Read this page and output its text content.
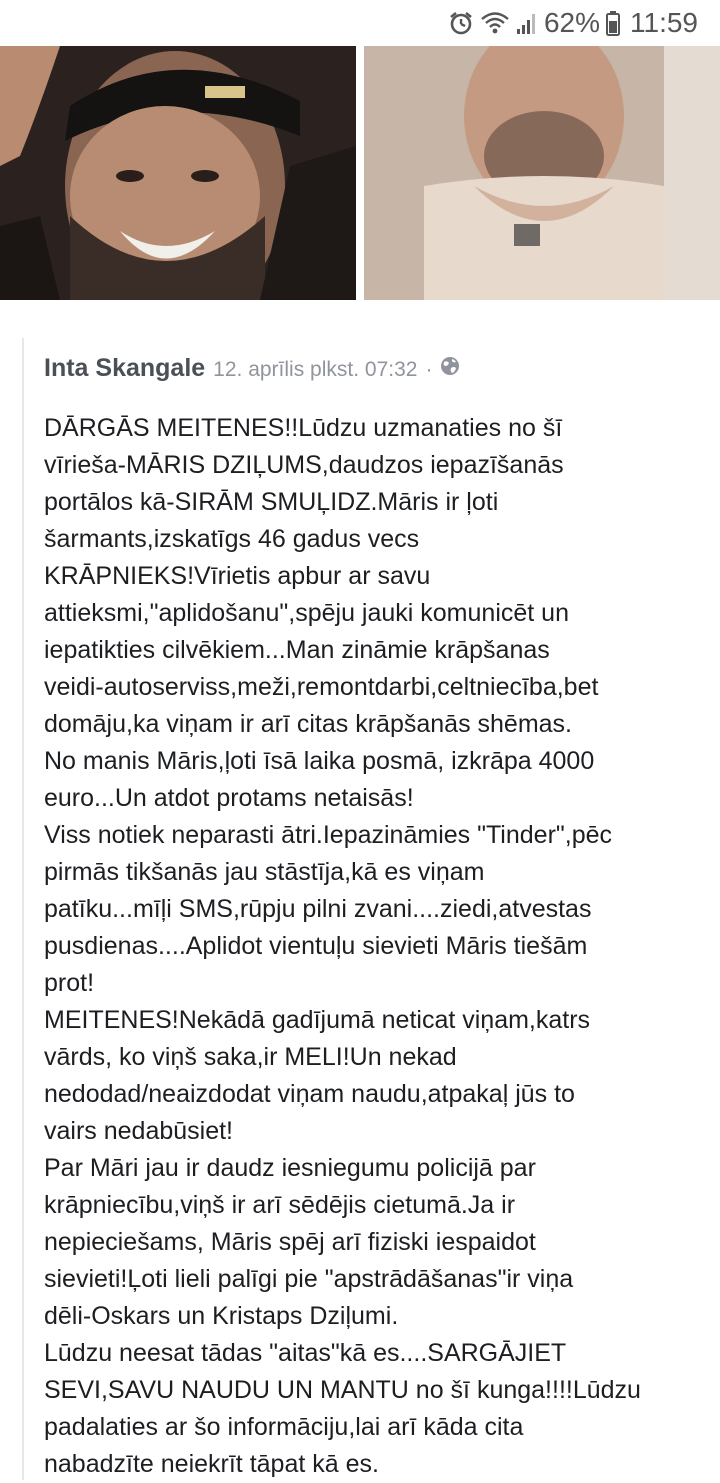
62% 11:59
Inta Skangale 12. aprīlis plkst. 07:32 ·
DĀRGĀS MEITENES!!Lūdzu uzmanaties no šī
vīrieša-MĀRIS DZIĻUMS,daudzos iepazīšanās
portālos kā-SIRĀM SMUĻIDZ.Māris ir ļoti
šarmants,izskatīgs 46 gadus vecs
KRĀPNIEKS!Vīrietis apbur ar savu
attieksmi,"aplidošanu",spēju jauki komunicēt un
iepatikties cilvēkiem...Man zināmie krāpšanas
veidi-autoserviss,meži,remontdarbi,celtniecība,bet
domāju,ka viņam ir arī citas krāpšanās shēmas.
No manis Māris,ļoti īsā laika posmā, izkrāpa 4000
euro...Un atdot protams netaisās!
Viss notiek neparasti ātri.Iepazināmies "Tinder",pēc
pirmās tikšanās jau stāstīja,kā es viņam
patīku...mīļi SMS,rūpju pilni zvani....ziedi,atvestas
pusdienas....Aplidot vientuļu sievieti Māris tiešām
prot!
MEITENES!Nekādā gadījumā neticat viņam,katrs
vārds, ko viņš saka,ir MELI!Un nekad
nedodad/neaizdodat viņam naudu,atpakaļ jūs to
vairs nedabūsiet!
Par Māri jau ir daudz iesniegumu policijā par
krāpniecību,viņš ir arī sēdējis cietumā.Ja ir
nepieciešams, Māris spēj arī fiziski iespaidot
sievieti!Ļoti lieli palīgi pie "apstrādāšanas"ir viņa
dēli-Oskars un Kristaps Dziļumi.
Lūdzu neesat tādas "aitas"kā es....SARGĀJIET
SEVI,SAVU NAUDU UN MANTU no šī kunga!!!!Lūdzu
padalaties ar šo informāciju,lai arī kāda cita
nabadzīte neiekrīt tāpat kā es.
